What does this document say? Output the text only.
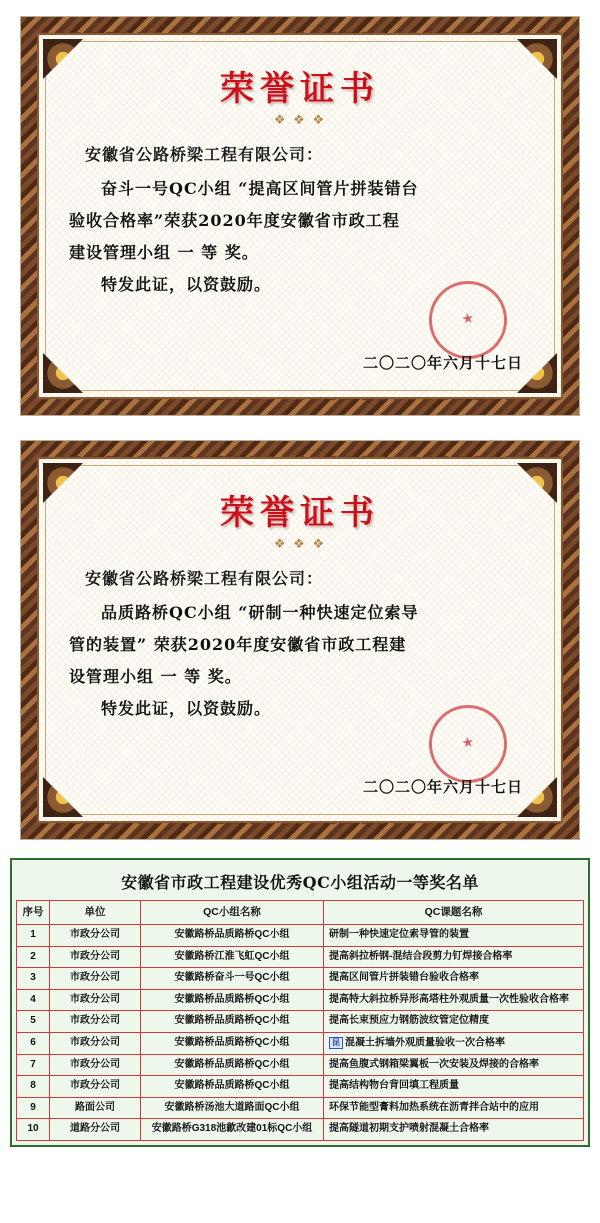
荣誉证书
❖ ❖ ❖
安徽省公路桥梁工程有限公司：

奋斗一号QC小组 “提高区间管片拼装错台

验收合格率”荣获2020年度安徽省市政工程

建设管理小组 一 等 奖。

特发此证，以资鼓励。

★
二〇二〇年六月十七日
荣誉证书
❖ ❖ ❖
安徽省公路桥梁工程有限公司：

品质路桥QC小组 “研制一种快速定位索导

管的装置” 荣获2020年度安徽省市政工程建

设管理小组 一 等 奖。

特发此证，以资鼓励。

★
二〇二〇年六月十七日
安徽省市政工程建设优秀QC小组活动一等奖名单
序号	单位	QC小组名称	QC课题名称
1	市政分公司	安徽路桥品质路桥QC小组	研制一种快速定位索导管的装置
2	市政分公司	安徽路桥江淮飞虹QC小组	提高斜拉桥钢-混结合段剪力钉焊接合格率
3	市政分公司	安徽路桥奋斗一号QC小组	提高区间管片拼装错台验收合格率
4	市政分公司	安徽路桥品质路桥QC小组	提高特大斜拉桥异形高塔柱外观质量一次性验收合格率
5	市政分公司	安徽路桥品质路桥QC小组	提高长束预应力钢筋波纹管定位精度
6	市政分公司	安徽路桥品质路桥QC小组	昆 混凝土拆墙外观质量验收一次合格率
7	市政分公司	安徽路桥品质路桥QC小组	提高鱼腹式钢箱梁翼板一次安装及焊接的合格率
8	市政分公司	安徽路桥品质路桥QC小组	提高结构物台背回填工程质量
9	路面公司	安徽路桥汤池大道路面QC小组	环保节能型膏料加热系统在沥青拌合站中的应用
10	道路分公司	安徽路桥G318池歙改建01标QC小组	提高隧道初期支护喷射混凝土合格率
